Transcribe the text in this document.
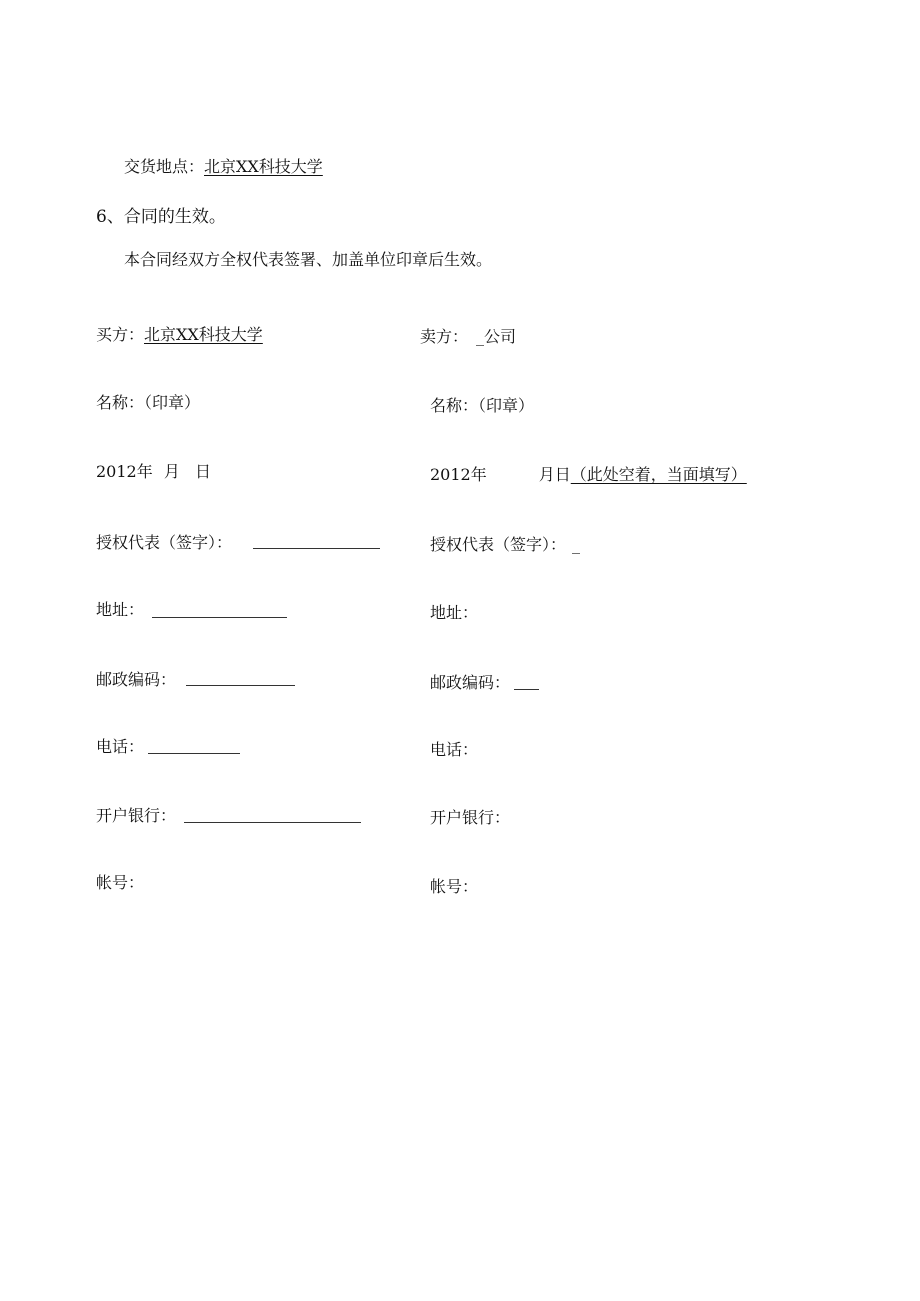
交货地点：北京XX科技大学
6、合同的生效。
本合同经双方全权代表签署、加盖单位印章后生效。
买方：北京XX科技大学
名称：（印章）
2012年 月 日
授权代表（签字）：
地址：
邮政编码：
电话：
开户银行：
帐号：
卖方： _公司
名称：（印章）
2012年	月日（此处空着，当面填写）
授权代表（签字）： _
地址：
邮政编码：
电话：
开户银行：
帐号：
